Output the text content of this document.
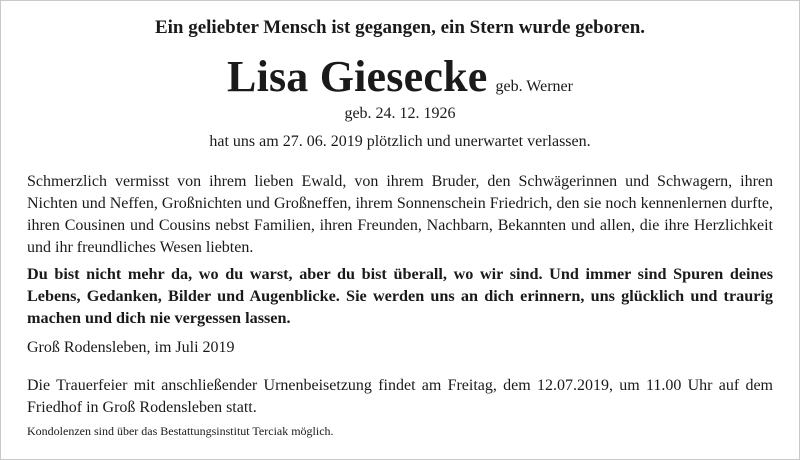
Ein geliebter Mensch ist gegangen, ein Stern wurde geboren.
Lisa Giesecke geb. Werner
geb. 24. 12. 1926
hat uns am 27. 06. 2019 plötzlich und unerwartet verlassen.
Schmerzlich vermisst von ihrem lieben Ewald, von ihrem Bruder, den Schwägerinnen und Schwagern, ihren Nichten und Neffen, Großnichten und Großneffen, ihrem Sonnenschein Friedrich, den sie noch kennenlernen durfte, ihren Cousinen und Cousins nebst Familien, ihren Freunden, Nachbarn, Bekannten und allen, die ihre Herzlichkeit und ihr freundliches Wesen liebten.
Du bist nicht mehr da, wo du warst, aber du bist überall, wo wir sind. Und immer sind Spuren deines Lebens, Gedanken, Bilder und Augenblicke. Sie werden uns an dich erinnern, uns glücklich und traurig machen und dich nie vergessen lassen.
Groß Rodensleben, im Juli 2019
Die Trauerfeier mit anschließender Urnenbeisetzung findet am Freitag, dem 12.07.2019, um 11.00 Uhr auf dem Friedhof in Groß Rodensleben statt.
Kondolenzen sind über das Bestattungsinstitut Terciak möglich.
